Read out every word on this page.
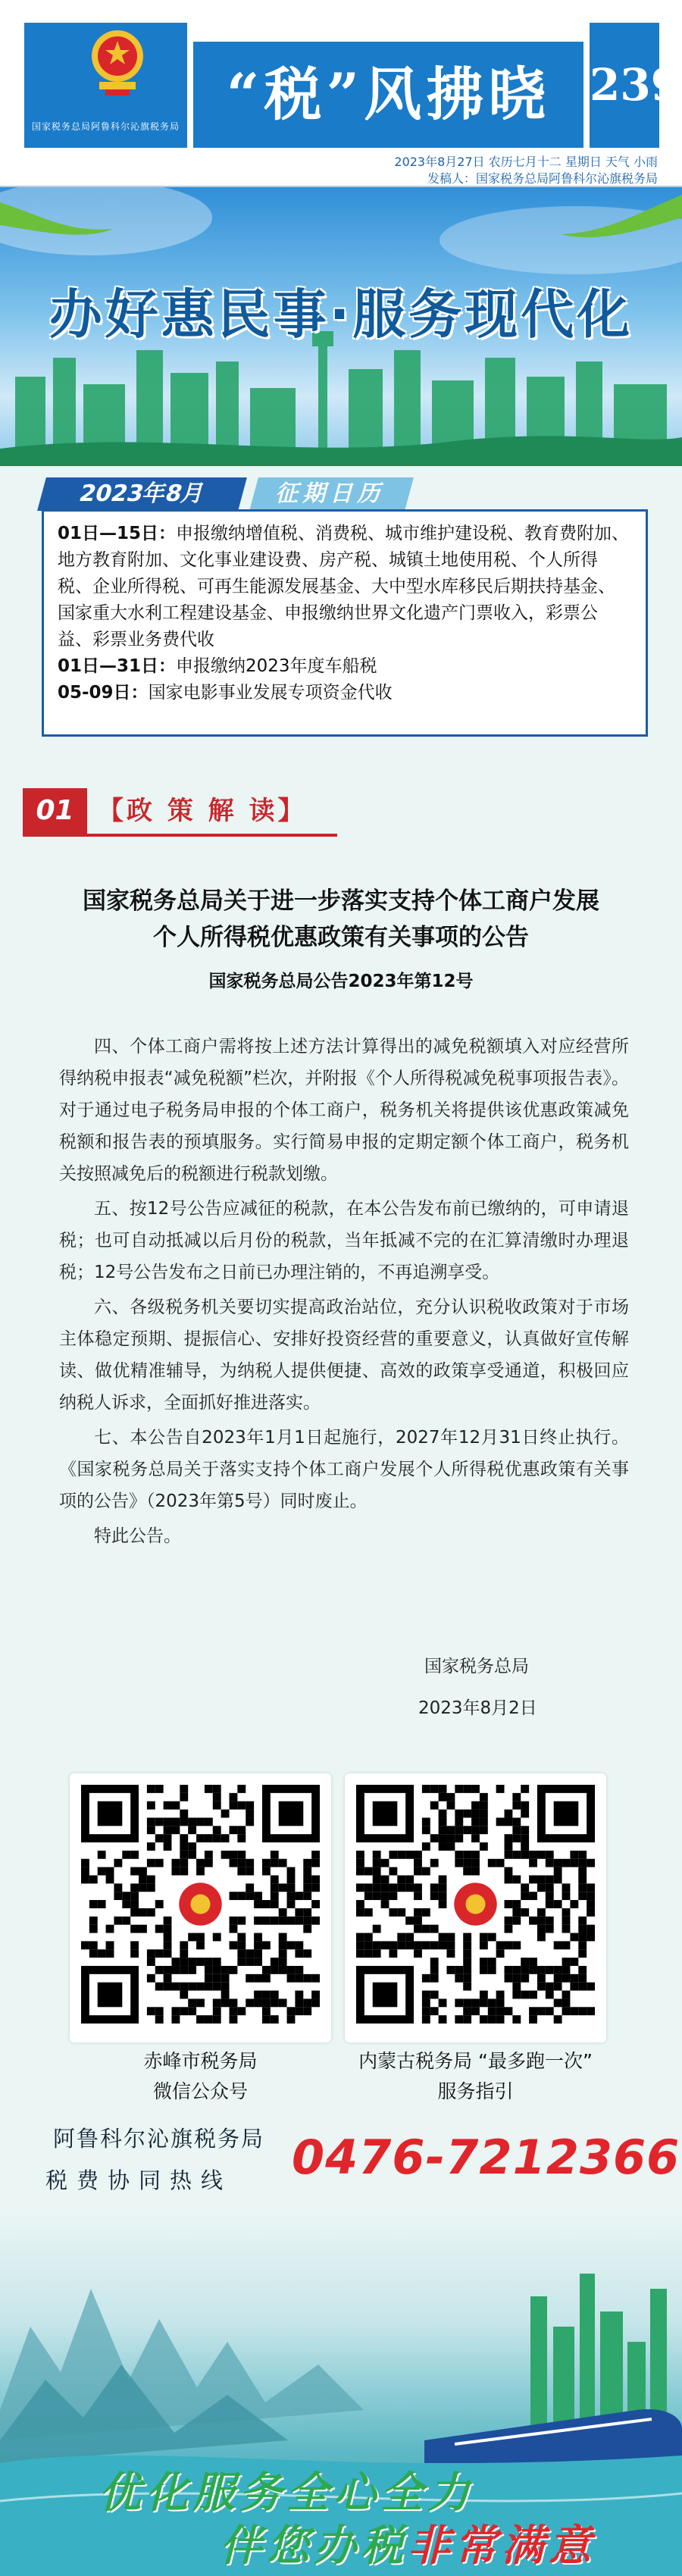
国家税务总局阿鲁科尔沁旗税务局 “税”风拂晓 239
2023年8月27日 农历七月十二 星期日 天气 小雨
发稿人：国家税务总局阿鲁科尔沁旗税务局
办好惠民事·服务现代化
2023年8月	征期日历
01日—15日：申报缴纳增值税、消费税、城市维护建设税、教育费附加、地方教育附加、文化事业建设费、房产税、城镇土地使用税、个人所得税、企业所得税、可再生能源发展基金、大中型水库移民后期扶持基金、国家重大水利工程建设基金、申报缴纳世界文化遗产门票收入，彩票公益、彩票业务费代收
01日—31日：申报缴纳2023年度车船税
05-09日：国家电影事业发展专项资金代收
01 【政 策 解 读】
国家税务总局关于进一步落实支持个体工商户发展
个人所得税优惠政策有关事项的公告
国家税务总局公告2023年第12号

四、个体工商户需将按上述方法计算得出的减免税额填入对应经营所得纳税申报表“减免税额”栏次，并附报《个人所得税减免税事项报告表》。对于通过电子税务局申报的个体工商户，税务机关将提供该优惠政策减免税额和报告表的预填服务。实行简易申报的定期定额个体工商户，税务机关按照减免后的税额进行税款划缴。

五、按12号公告应减征的税款，在本公告发布前已缴纳的，可申请退税；也可自动抵减以后月份的税款，当年抵减不完的在汇算清缴时办理退税；12号公告发布之日前已办理注销的，不再追溯享受。

六、各级税务机关要切实提高政治站位，充分认识税收政策对于市场主体稳定预期、提振信心、安排好投资经营的重要意义，认真做好宣传解读、做优精准辅导，为纳税人提供便捷、高效的政策享受通道，积极回应纳税人诉求，全面抓好推进落实。

七、本公告自2023年1月1日起施行，2027年12月31日终止执行。《国家税务总局关于落实支持个体工商户发展个人所得税优惠政策有关事项的公告》（2023年第5号）同时废止。

特此公告。

国家税务总局
2023年8月2日
赤峰市税务局
微信公众号
内蒙古税务局 “最多跑一次”
服务指引
阿鲁科尔沁旗税务局
税费协同热线 0476-7212366
优化服务全心全力
伴您办税非常满意
